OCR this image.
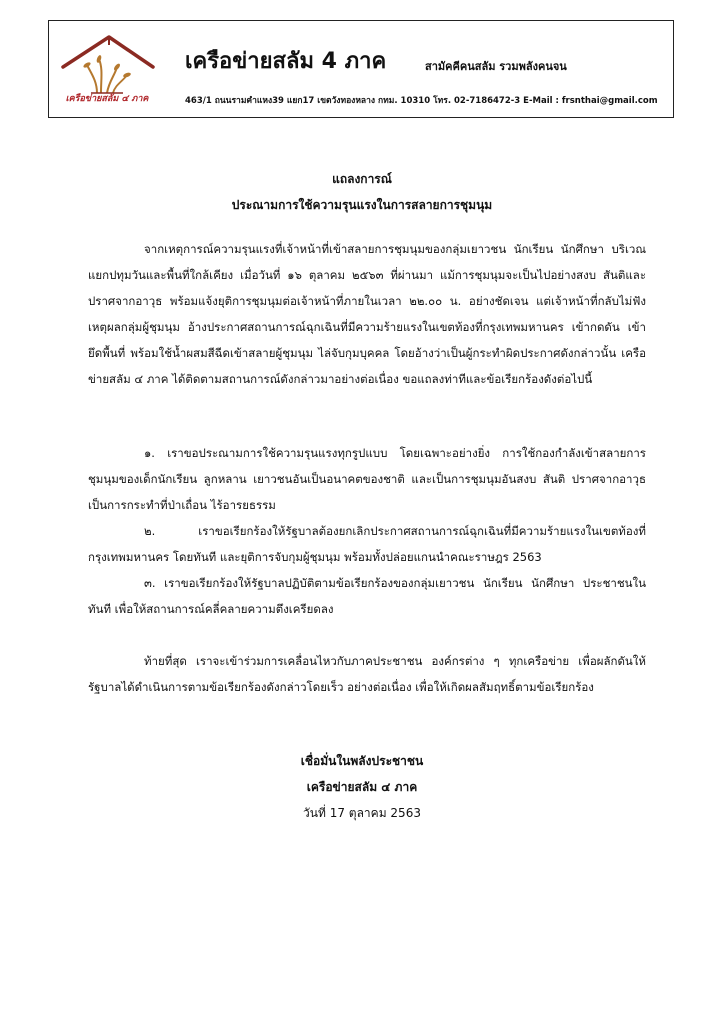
เครือข่ายสลัม ๔ ภาค
เครือข่ายสลัม 4 ภาค	สามัคคีคนสลัม รวมพลังคนจน
463/1 ถนนรามคำแหง39 แยก17 เขตวังทองหลาง กทม. 10310 โทร. 02-7186472-3 E-Mail : frsnthai@gmail.com
แถลงการณ์
ประณามการใช้ความรุนแรงในการสลายการชุมนุม

จากเหตุการณ์ความรุนแรงที่เจ้าหน้าที่เข้าสลายการชุมนุมของกลุ่มเยาวชน นักเรียน นักศึกษา บริเวณแยกปทุมวันและพื้นที่ใกล้เคียง เมื่อวันที่ ๑๖ ตุลาคม ๒๕๖๓ ที่ผ่านมา แม้การชุมนุมจะเป็นไปอย่างสงบ สันติและปราศจากอาวุธ พร้อมแจ้งยุติการชุมนุมต่อเจ้าหน้าที่ภายในเวลา ๒๒.๐๐ น. อย่างชัดเจน แต่เจ้าหน้าที่กลับไม่ฟังเหตุผลกลุ่มผู้ชุมนุม อ้างประกาศสถานการณ์ฉุกเฉินที่มีความร้ายแรงในเขตท้องที่กรุงเทพมหานคร เข้ากดดัน เข้ายึดพื้นที่ พร้อมใช้น้ำผสมสีฉีดเข้าสลายผู้ชุมนุม ไล่จับกุมบุคคล โดยอ้างว่าเป็นผู้กระทำผิดประกาศดังกล่าวนั้น เครือข่ายสลัม ๔ ภาค ได้ติดตามสถานการณ์ดังกล่าวมาอย่างต่อเนื่อง ขอแถลงท่าทีและข้อเรียกร้องดังต่อไปนี้

๑. เราขอประณามการใช้ความรุนแรงทุกรูปแบบ โดยเฉพาะอย่างยิ่ง การใช้กองกำลังเข้าสลายการชุมนุมของเด็กนักเรียน ลูกหลาน เยาวชนอันเป็นอนาคตของชาติ และเป็นการชุมนุมอันสงบ สันติ ปราศจากอาวุธ เป็นการกระทำที่ป่าเถื่อน ไร้อารยธรรม

๒. เราขอเรียกร้องให้รัฐบาลต้องยกเลิกประกาศสถานการณ์ฉุกเฉินที่มีความร้ายแรงในเขตท้องที่กรุงเทพมหานคร โดยทันที และยุติการจับกุมผู้ชุมนุม พร้อมทั้งปล่อยแกนนำคณะราษฎร 2563

๓. เราขอเรียกร้องให้รัฐบาลปฏิบัติตามข้อเรียกร้องของกลุ่มเยาวชน นักเรียน นักศึกษา ประชาชนในทันที เพื่อให้สถานการณ์คลี่คลายความตึงเครียดลง

ท้ายที่สุด เราจะเข้าร่วมการเคลื่อนไหวกับภาคประชาชน องค์กรต่าง ๆ ทุกเครือข่าย เพื่อผลักดันให้รัฐบาลได้ดำเนินการตามข้อเรียกร้องดังกล่าวโดยเร็ว อย่างต่อเนื่อง เพื่อให้เกิดผลสัมฤทธิ์ตามข้อเรียกร้อง

เชื่อมั่นในพลังประชาชน
เครือข่ายสลัม ๔ ภาค
วันที่ 17 ตุลาคม 2563
